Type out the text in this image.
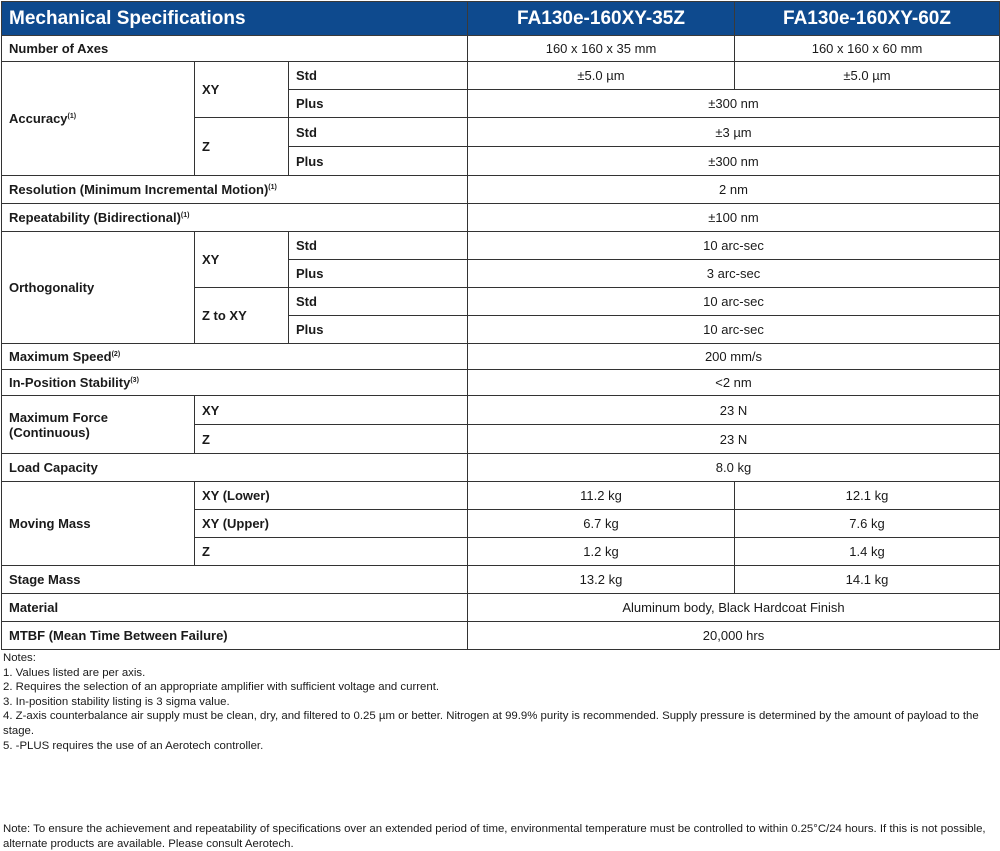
Mechanical Specifications			FA130e-160XY-35Z	FA130e-160XY-60Z
Number of Axes			160 x 160 x 35 mm	160 x 160 x 60 mm
Accuracy$^{(1)}$	XY	Std	±5.0 µm	±5.0 µm
		Plus	±300 nm	
	Z	Std	±3 µm	
		Plus	±300 nm	
Resolution (Minimum Incremental Motion)$^{(1)}$			2 nm	
Repeatability (Bidirectional)$^{(1)}$			±100 nm	
Orthogonality	XY	Std	10 arc-sec	
		Plus	3 arc-sec	
	Z to XY	Std	10 arc-sec	
		Plus	10 arc-sec	
Maximum Speed$^{(2)}$			200 mm/s	
In-Position Stability$^{(3)}$			<2 nm	
Maximum Force
(Continuous)	XY		23 N	
	Z		23 N	
Load Capacity			8.0 kg	
Moving Mass	XY (Lower)		11.2 kg	12.1 kg
	XY (Upper)		6.7 kg	7.6 kg
	Z		1.2 kg	1.4 kg
Stage Mass			13.2 kg	14.1 kg
Material			Aluminum body, Black Hardcoat Finish	
MTBF (Mean Time Between Failure)			20,000 hrs	
Notes:
1. Values listed are per axis.
2. Requires the selection of an appropriate amplifier with sufficient voltage and current.
3. In-position stability listing is 3 sigma value.
4. Z-axis counterbalance air supply must be clean, dry, and filtered to 0.25 µm or better. Nitrogen at 99.9% purity is recommended. Supply pressure is determined by the amount of payload to the stage.
5. -PLUS requires the use of an Aerotech controller.
Note: To ensure the achievement and repeatability of specifications over an extended period of time, environmental temperature must be controlled to within 0.25°C/24 hours. If this is not possible, alternate products are available. Please consult Aerotech.
